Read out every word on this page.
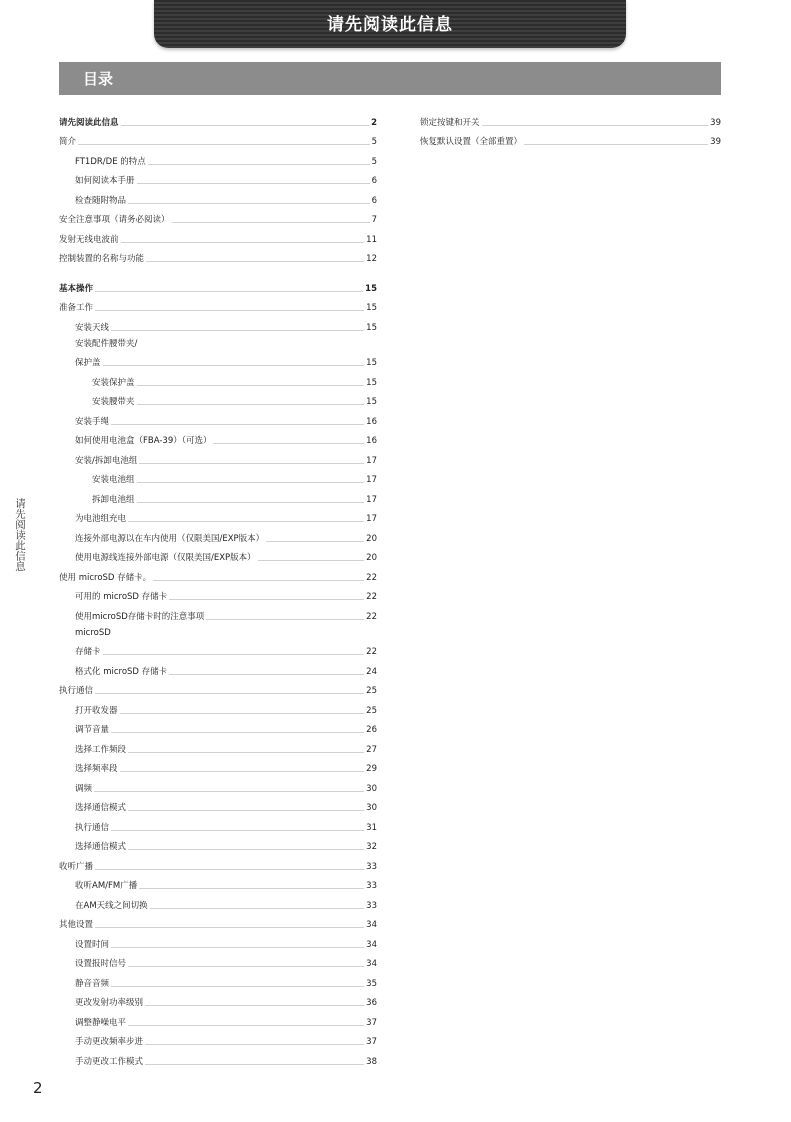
请先阅读此信息
目录
请先阅读此信息	2
简介	5
FT1DR/DE 的特点	5
如何阅读本手册	6
检查随附物品	6
安全注意事项（请务必阅读）	7
发射无线电波前	11
控制装置的名称与功能	12
基本操作	15
准备工作	15
安装天线	15
安装配件腰带夹/
保护盖	15
安装保护盖	15
安装腰带夹	15
安装手绳	16
如何使用电池盒（FBA-39）（可选）	16
安装/拆卸电池组	17
安装电池组	17
拆卸电池组	17
为电池组充电	17
连接外部电源以在车内使用（仅限美国/EXP版本）	20
使用电源线连接外部电源（仅限美国/EXP版本）	20
使用 microSD 存储卡。	22
可用的 microSD 存储卡	22
使用microSD存储卡时的注意事项	22
microSD
存储卡	22
格式化 microSD 存储卡	24
执行通信	25
打开收发器	25
调节音量	26
选择工作频段	27
选择频率段	29
调频	30
选择通信模式	30
执行通信	31
选择通信模式	32
收听广播	33
收听AM/FM广播	33
在AM天线之间切换	33
其他设置	34
设置时间	34
设置报时信号	34
静音音频	35
更改发射功率级别	36
调整静噪电平	37
手动更改频率步进	37
手动更改工作模式	38
锁定按键和开关	39
恢复默认设置（全部重置）	39
请先阅读此信息
2
